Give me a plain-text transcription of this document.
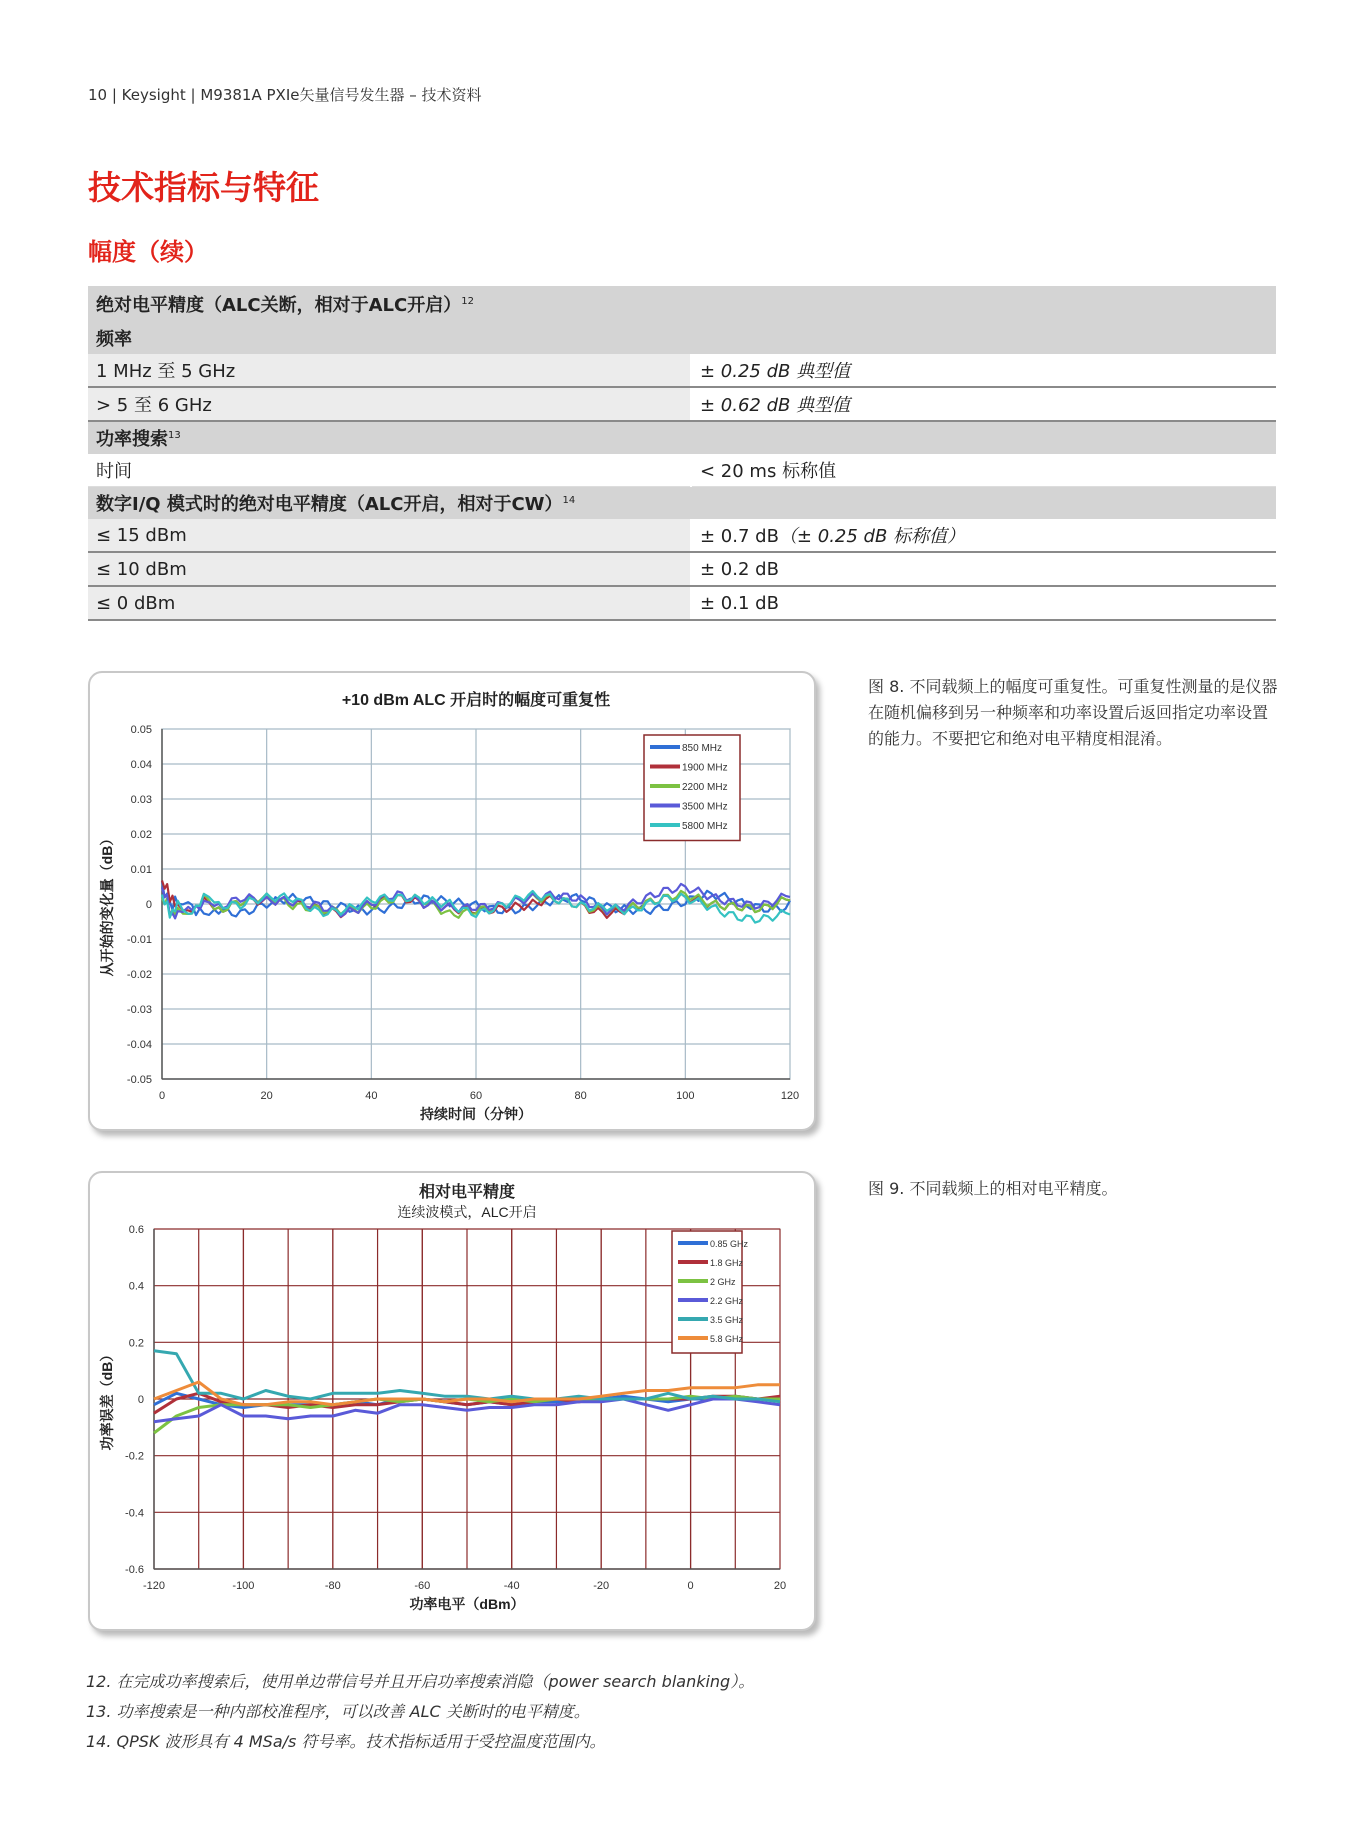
10 | Keysight | M9381A PXIe矢量信号发生器 – 技术资料
技术指标与特征
幅度（续）
绝对电平精度（ALC关断，相对于ALC开启）$^{12}$
频率	
1 MHz 至 5 GHz	± 0.25 dB 典型值
> 5 至 6 GHz	± 0.62 dB 典型值
功率搜索$^{13}$
时间	< 20 ms 标称值
数字I/Q 模式时的绝对电平精度（ALC开启，相对于CW）$^{14}$
≤ 15 dBm	± 0.7 dB（± 0.25 dB 标称值）
≤ 10 dBm	± 0.2 dB
≤ 0 dBm	± 0.1 dB
0	20	40	60	80	100	120
0.05
0.04
0.03
0.02
0.01
0
-0.01
-0.02
-0.03
-0.04
-0.05
850 MHz
1900 MHz
2200 MHz
3500 MHz
5800 MHz
+10 dBm ALC 开启时的幅度可重复性
持续时间（分钟）
从开始的变化量（dB）
图 8. 不同载频上的幅度可重复性。可重复性测量的是仪器在随机偏移到另一种频率和功率设置后返回指定功率设置的能力。不要把它和绝对电平精度相混淆。
-120	-100	-80	-60	-40	-20	0	20
0.6
0.4
0.2
0
-0.2
-0.4
-0.6
0.85 GHz
1.8 GHz
2 GHz
2.2 GHz
3.5 GHz
5.8 GHz
相对电平精度
连续波模式，ALC开启
功率电平（dBm）
功率误差（dB）
图 9. 不同载频上的相对电平精度。
12. 在完成功率搜索后，使用单边带信号并且开启功率搜索消隐（power search blanking）。
13. 功率搜索是一种内部校准程序，可以改善 ALC 关断时的电平精度。
14. QPSK 波形具有 4 MSa/s 符号率。技术指标适用于受控温度范围内。
